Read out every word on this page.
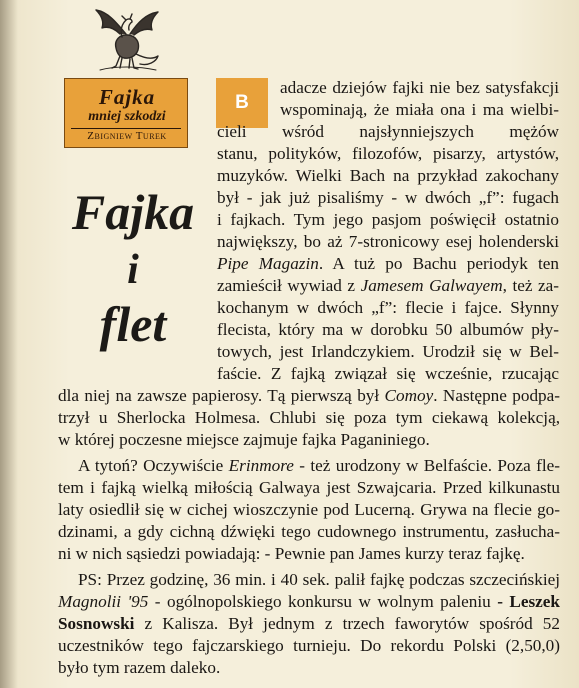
Fajka
mniej szkodzi
Zbigniew Turek
Fajka
i
flet
B
adacze dziejów fajki nie bez satysfakcji
wspominają, że miała ona i ma wielbi-
cieli wśród najsłynniejszych mężów
stanu, polityków, filozofów, pisarzy, artystów,
muzyków. Wielki Bach na przykład zakochany
był - jak już pisaliśmy - w dwóch „f”: fugach
i fajkach. Tym jego pasjom poświęcił ostatnio
największy, bo aż 7-stronicowy esej holenderski
Pipe Magazin. A tuż po Bachu periodyk ten
zamieścił wywiad z Jamesem Galwayem, też za-
kochanym w dwóch „f”: flecie i fajce. Słynny
flecista, który ma w dorobku 50 albumów pły-
towych, jest Irlandczykiem. Urodził się w Bel-
faście. Z fajką związał się wcześnie, rzucając
dla niej na zawsze papierosy. Tą pierwszą był Comoy. Następne podpa-
trzył u Sherlocka Holmesa. Chlubi się poza tym ciekawą kolekcją,
w której poczesne miejsce zajmuje fajka Paganiniego.
A tytoń? Oczywiście Erinmore - też urodzony w Belfaście. Poza fle-
tem i fajką wielką miłością Galwaya jest Szwajcaria. Przed kilkunastu
laty osiedlił się w cichej wioszczynie pod Lucerną. Grywa na flecie go-
dzinami, a gdy cichną dźwięki tego cudownego instrumentu, zasłucha-
ni w nich sąsiedzi powiadają: - Pewnie pan James kurzy teraz fajkę.
PS: Przez godzinę, 36 min. i 40 sek. palił fajkę podczas szczecińskiej
Magnolii '95 - ogólnopolskiego konkursu w wolnym paleniu - Leszek
Sosnowski z Kalisza. Był jednym z trzech faworytów spośród 52
uczestników tego fajczarskiego turnieju. Do rekordu Polski (2,50,0)
było tym razem daleko.
